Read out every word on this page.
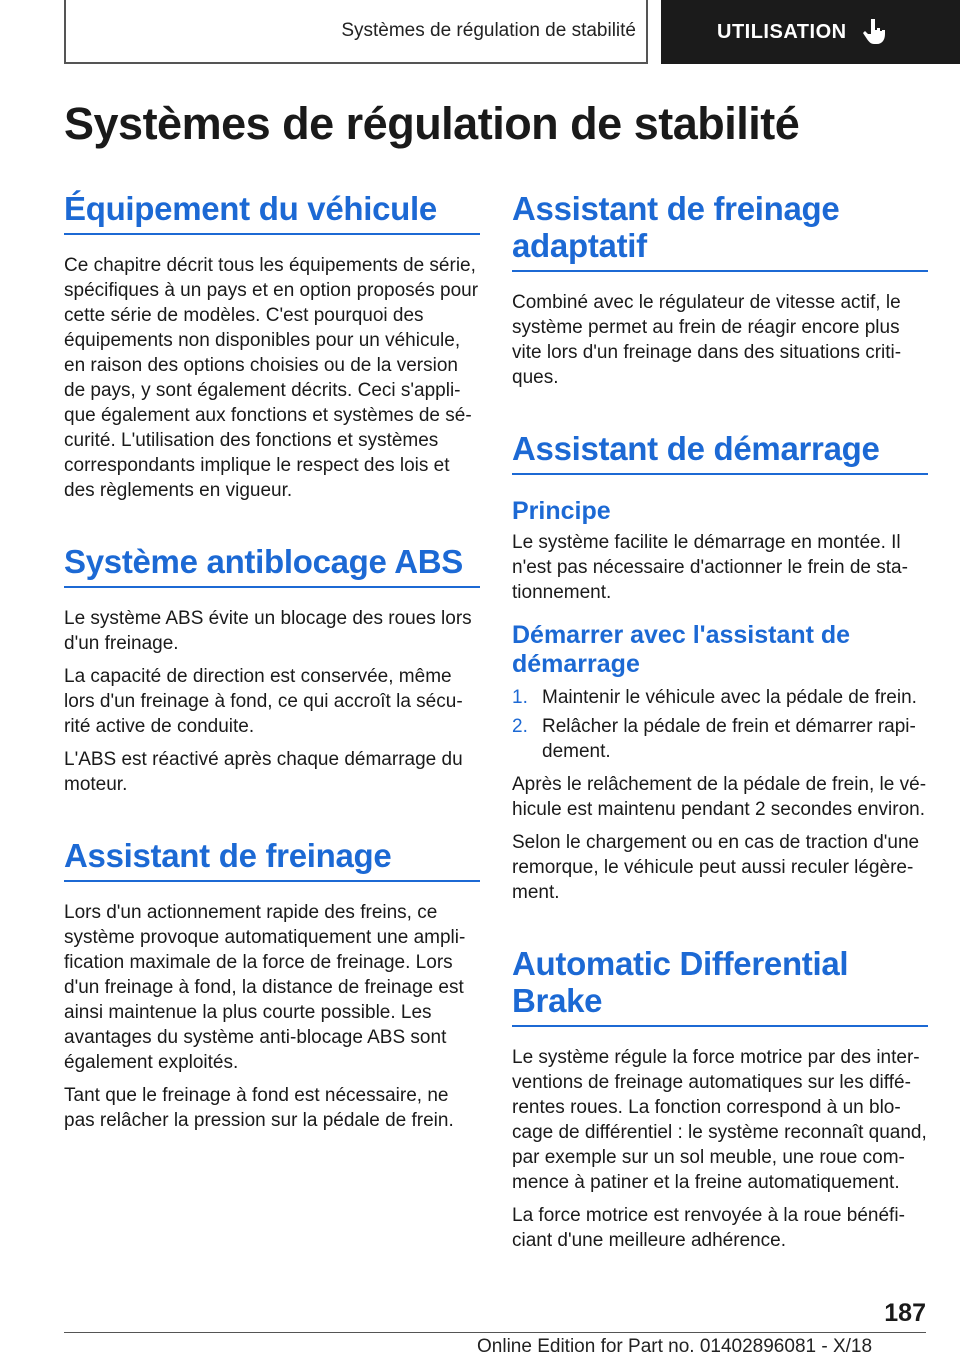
Systèmes de régulation de stabilité	UTILISATION
Systèmes de régulation de stabilité
Équipement du véhicule

Ce chapitre décrit tous les équipements de série, spécifiques à un pays et en option proposés pour cette série de modèles. C'est pourquoi des équipements non disponibles pour un véhicule, en raison des options choisies ou de la version de pays, y sont également décrits. Ceci s'applique également aux fonctions et systèmes de sécurité. L'utilisation des fonctions et systèmes correspondants implique le respect des lois et des règlements en vigueur.

Système antiblocage ABS

Le système ABS évite un blocage des roues lors d'un freinage.

La capacité de direction est conservée, même lors d'un freinage à fond, ce qui accroît la sécurité active de conduite.

L'ABS est réactivé après chaque démarrage du moteur.

Assistant de freinage

Lors d'un actionnement rapide des freins, ce système provoque automatiquement une amplification maximale de la force de freinage. Lors d'un freinage à fond, la distance de freinage est ainsi maintenue la plus courte possible. Les avantages du système anti-blocage ABS sont également exploités.

Tant que le freinage à fond est nécessaire, ne pas relâcher la pression sur la pédale de frein.

Assistant de freinage adaptatif

Combiné avec le régulateur de vitesse actif, le système permet au frein de réagir encore plus vite lors d'un freinage dans des situations critiques.

Assistant de démarrage
Principe

Le système facilite le démarrage en montée. Il n'est pas nécessaire d'actionner le frein de stationnement.

Démarrer avec l'assistant de démarrage
1. Maintenir le véhicule avec la pédale de frein.
2. Relâcher la pédale de frein et démarrer rapidement.

Après le relâchement de la pédale de frein, le véhicule est maintenu pendant 2 secondes environ.

Selon le chargement ou en cas de traction d'une remorque, le véhicule peut aussi reculer légèrement.

Automatic Differential Brake

Le système régule la force motrice par des interventions de freinage automatiques sur les différentes roues. La fonction correspond à un blocage de différentiel : le système reconnaît quand, par exemple sur un sol meuble, une roue commence à patiner et la freine automatiquement.

La force motrice est renvoyée à la roue bénéficiant d'une meilleure adhérence.

187
Online Edition for Part no. 01402896081 - X/18
